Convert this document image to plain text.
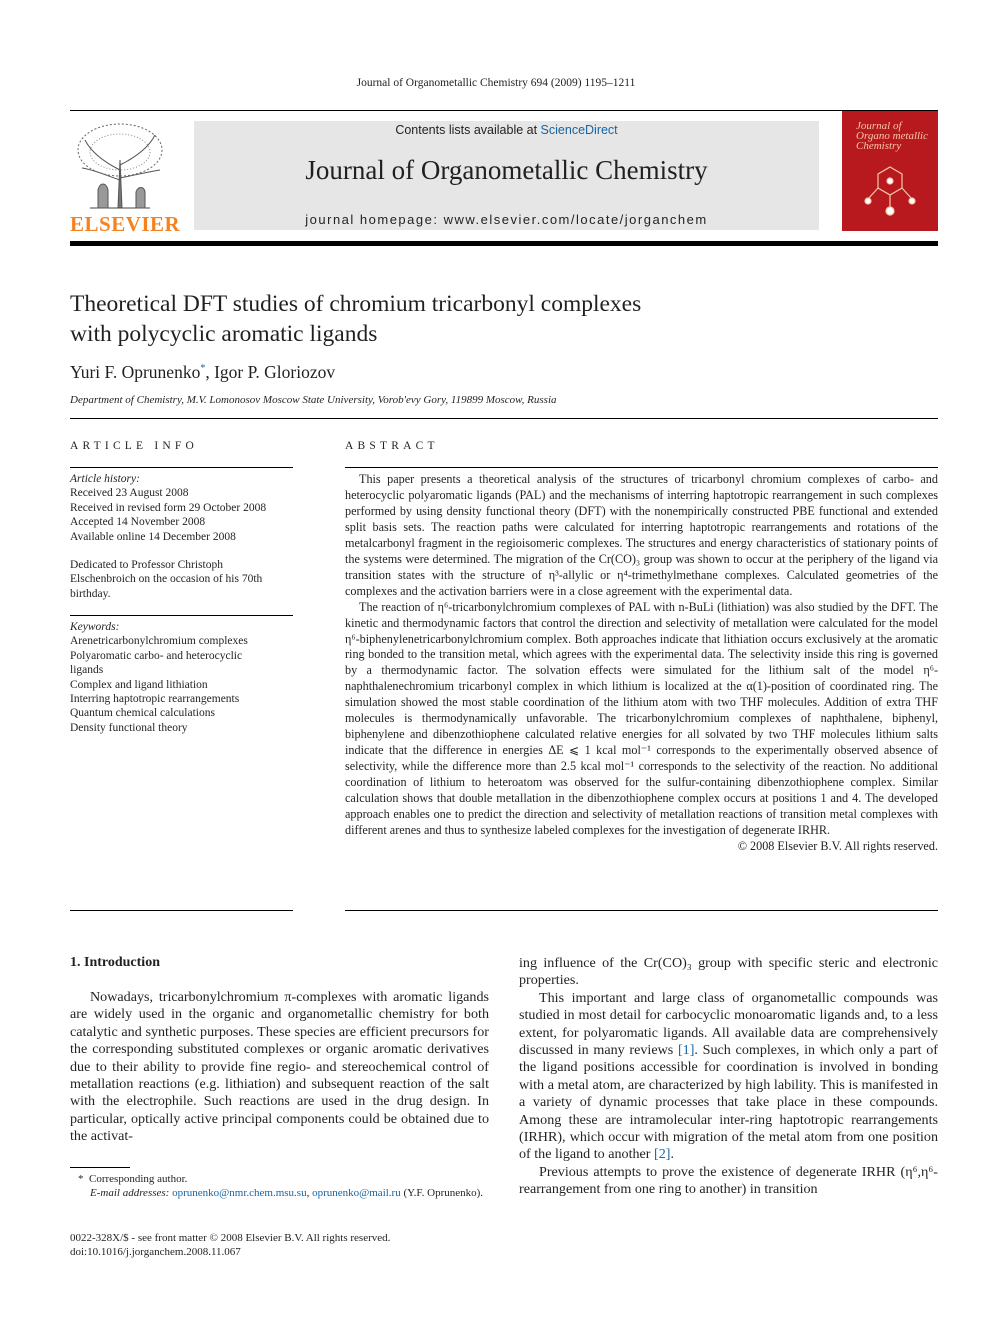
Journal of Organometallic Chemistry 694 (2009) 1195–1211
ELSEVIER
Contents lists available at ScienceDirect
Journal of Organometallic Chemistry
journal homepage: www.elsevier.com/locate/jorganchem
Journal of Organo metallic Chemistry
Theoretical DFT studies of chromium tricarbonyl complexes
with polycyclic aromatic ligands
Yuri F. Oprunenko*, Igor P. Gloriozov
Department of Chemistry, M.V. Lomonosov Moscow State University, Vorob'evy Gory, 119899 Moscow, Russia
ARTICLE INFO
Article history:
Received 23 August 2008
Received in revised form 29 October 2008
Accepted 14 November 2008
Available online 14 December 2008
Dedicated to Professor Christoph Elschenbroich on the occasion of his 70th birthday.
Keywords:
Arenetricarbonylchromium complexes
Polyaromatic carbo- and heterocyclic ligands
Complex and ligand lithiation
Interring haptotropic rearrangements
Quantum chemical calculations
Density functional theory
ABSTRACT

This paper presents a theoretical analysis of the structures of tricarbonyl chromium complexes of carbo- and heterocyclic polyaromatic ligands (PAL) and the mechanisms of interring haptotropic rearrangement in such complexes performed by using density functional theory (DFT) with the nonempirically constructed PBE functional and extended split basis sets. The reaction paths were calculated for interring haptotropic rearrangements and rotations of the metalcarbonyl fragment in the regioisomeric complexes. The structures and energy characteristics of stationary points of the systems were determined. The migration of the Cr(CO)₃ group was shown to occur at the periphery of the ligand via transition states with the structure of η³-allylic or η⁴-trimethylmethane complexes. Calculated geometries of the complexes and the activation barriers were in a close agreement with the experimental data.

The reaction of η⁶-tricarbonylchromium complexes of PAL with n-BuLi (lithiation) was also studied by the DFT. The kinetic and thermodynamic factors that control the direction and selectivity of metallation were calculated for the model η⁶-biphenylenetricarbonylchromium complex. Both approaches indicate that lithiation occurs exclusively at the aromatic ring bonded to the transition metal, which agrees with the experimental data. The selectivity inside this ring is governed by a thermodynamic factor. The solvation effects were simulated for the lithium salt of the model η⁶-naphthalenechromium tricarbonyl complex in which lithium is localized at the α(1)-position of coordinated ring. The simulation showed the most stable coordination of the lithium atom with two THF molecules. Addition of extra THF molecules is thermodynamically unfavorable. The tricarbonylchromium complexes of naphthalene, biphenyl, biphenylene and dibenzothiophene calculated relative energies for all solvated by two THF molecules lithium salts indicate that the difference in energies ΔE ⩽ 1 kcal mol⁻¹ corresponds to the experimentally observed absence of selectivity, while the difference more than 2.5 kcal mol⁻¹ corresponds to the selectivity of the reaction. No additional coordination of lithium to heteroatom was observed for the sulfur-containing dibenzothiophene complex. Similar calculation shows that double metallation in the dibenzothiophene complex occurs at positions 1 and 4. The developed approach enables one to predict the direction and selectivity of metallation reactions of transition metal complexes with different arenes and thus to synthesize labeled complexes for the investigation of degenerate IRHR.

© 2008 Elsevier B.V. All rights reserved.
1. Introduction

Nowadays, tricarbonylchromium π-complexes with aromatic ligands are widely used in the organic and organometallic chemistry for both catalytic and synthetic purposes. These species are efficient precursors for the corresponding substituted complexes or organic aromatic derivatives due to their ability to provide fine regio- and stereochemical control of metallation reactions (e.g. lithiation) and subsequent reaction of the salt with the electrophile. Such reactions are used in the drug design. In particular, optically active principal components could be obtained due to the activat-

ing influence of the Cr(CO)₃ group with specific steric and electronic properties.

This important and large class of organometallic compounds was studied in most detail for carbocyclic monoaromatic ligands and, to a less extent, for polyaromatic ligands. All available data are comprehensively discussed in many reviews [1]. Such complexes, in which only a part of the ligand positions accessible for coordination is involved in bonding with a metal atom, are characterized by high lability. This is manifested in a variety of dynamic processes that take place in these compounds. Among these are intramolecular inter-ring haptotropic rearrangements (IRHR), which occur with migration of the metal atom from one position of the ligand to another [2].

Previous attempts to prove the existence of degenerate IRHR (η⁶,η⁶-rearrangement from one ring to another) in transition

* Corresponding author.
E-mail addresses: oprunenko@nmr.chem.msu.su, oprunenko@mail.ru (Y.F. Oprunenko).
0022-328X/$ - see front matter © 2008 Elsevier B.V. All rights reserved.
doi:10.1016/j.jorganchem.2008.11.067
